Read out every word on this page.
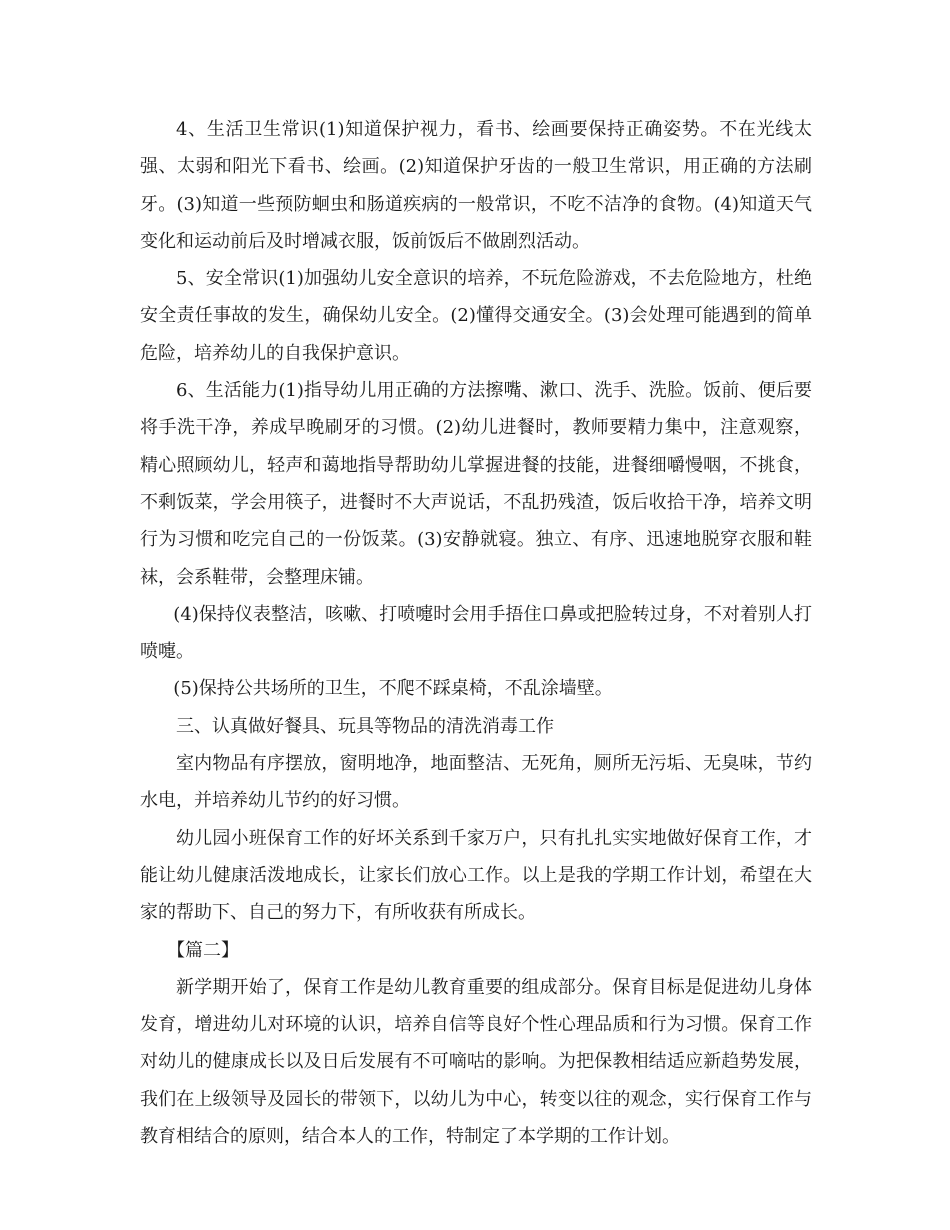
4、生活卫生常识(1)知道保护视力，看书、绘画要保持正确姿势。不在光线太强、太弱和阳光下看书、绘画。(2)知道保护牙齿的一般卫生常识，用正确的方法刷牙。(3)知道一些预防蛔虫和肠道疾病的一般常识，不吃不洁净的食物。(4)知道天气变化和运动前后及时增减衣服，饭前饭后不做剧烈活动。

5、安全常识(1)加强幼儿安全意识的培养，不玩危险游戏，不去危险地方，杜绝安全责任事故的发生，确保幼儿安全。(2)懂得交通安全。(3)会处理可能遇到的简单危险，培养幼儿的自我保护意识。

6、生活能力(1)指导幼儿用正确的方法擦嘴、漱口、洗手、洗脸。饭前、便后要将手洗干净，养成早晚刷牙的习惯。(2)幼儿进餐时，教师要精力集中，注意观察，精心照顾幼儿，轻声和蔼地指导帮助幼儿掌握进餐的技能，进餐细嚼慢咽，不挑食，不剩饭菜，学会用筷子，进餐时不大声说话，不乱扔残渣，饭后收拾干净，培养文明行为习惯和吃完自己的一份饭菜。(3)安静就寝。独立、有序、迅速地脱穿衣服和鞋袜，会系鞋带，会整理床铺。

(4)保持仪表整洁，咳嗽、打喷嚏时会用手捂住口鼻或把脸转过身，不对着别人打喷嚏。

(5)保持公共场所的卫生，不爬不踩桌椅，不乱涂墙壁。

三、认真做好餐具、玩具等物品的清洗消毒工作

室内物品有序摆放，窗明地净，地面整洁、无死角，厕所无污垢、无臭味，节约水电，并培养幼儿节约的好习惯。

幼儿园小班保育工作的好坏关系到千家万户，只有扎扎实实地做好保育工作，才能让幼儿健康活泼地成长，让家长们放心工作。以上是我的学期工作计划，希望在大家的帮助下、自己的努力下，有所收获有所成长。

【篇二】

新学期开始了，保育工作是幼儿教育重要的组成部分。保育目标是促进幼儿身体发育，增进幼儿对环境的认识，培养自信等良好个性心理品质和行为习惯。保育工作对幼儿的健康成长以及日后发展有不可嘀咕的影响。为把保教相结适应新趋势发展，我们在上级领导及园长的带领下，以幼儿为中心，转变以往的观念，实行保育工作与教育相结合的原则，结合本人的工作，特制定了本学期的工作计划。
